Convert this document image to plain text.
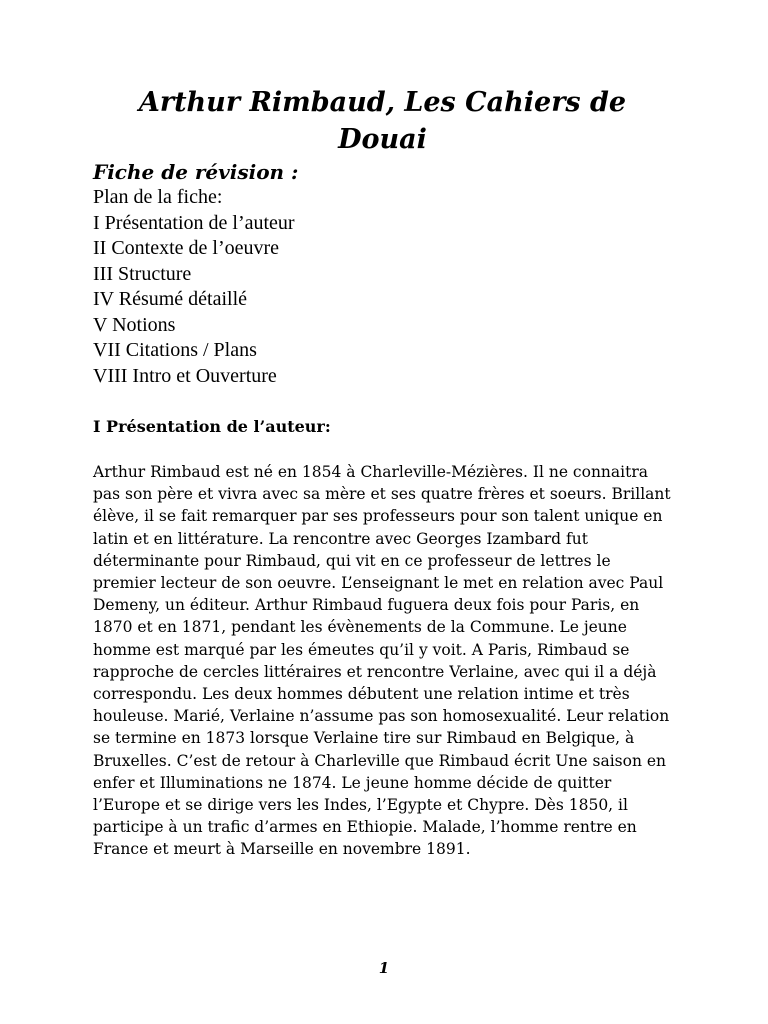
Arthur Rimbaud, Les Cahiers de
Douai
Fiche de révision :
Plan de la fiche:
I Présentation de l’auteur
II Contexte de l’oeuvre
III Structure
IV Résumé détaillé
V Notions
VII Citations / Plans
VIII Intro et Ouverture
I Présentation de l’auteur:

Arthur Rimbaud est né en 1854 à Charleville-Mézières. Il ne connaitra
pas son père et vivra avec sa mère et ses quatre frères et soeurs. Brillant
élève, il se fait remarquer par ses professeurs pour son talent unique en
latin et en littérature. La rencontre avec Georges Izambard fut
déterminante pour Rimbaud, qui vit en ce professeur de lettres le
premier lecteur de son oeuvre. L’enseignant le met en relation avec Paul
Demeny, un éditeur. Arthur Rimbaud fuguera deux fois pour Paris, en
1870 et en 1871, pendant les évènements de la Commune. Le jeune
homme est marqué par les émeutes qu’il y voit. A Paris, Rimbaud se
rapproche de cercles littéraires et rencontre Verlaine, avec qui il a déjà
correspondu. Les deux hommes débutent une relation intime et très
houleuse. Marié, Verlaine n’assume pas son homosexualité. Leur relation
se termine en 1873 lorsque Verlaine tire sur Rimbaud en Belgique, à
Bruxelles. C’est de retour à Charleville que Rimbaud écrit Une saison en
enfer et Illuminations ne 1874. Le jeune homme décide de quitter
l’Europe et se dirige vers les Indes, l’Egypte et Chypre. Dès 1850, il
participe à un trafic d’armes en Ethiopie. Malade, l’homme rentre en
France et meurt à Marseille en novembre 1891.

1
